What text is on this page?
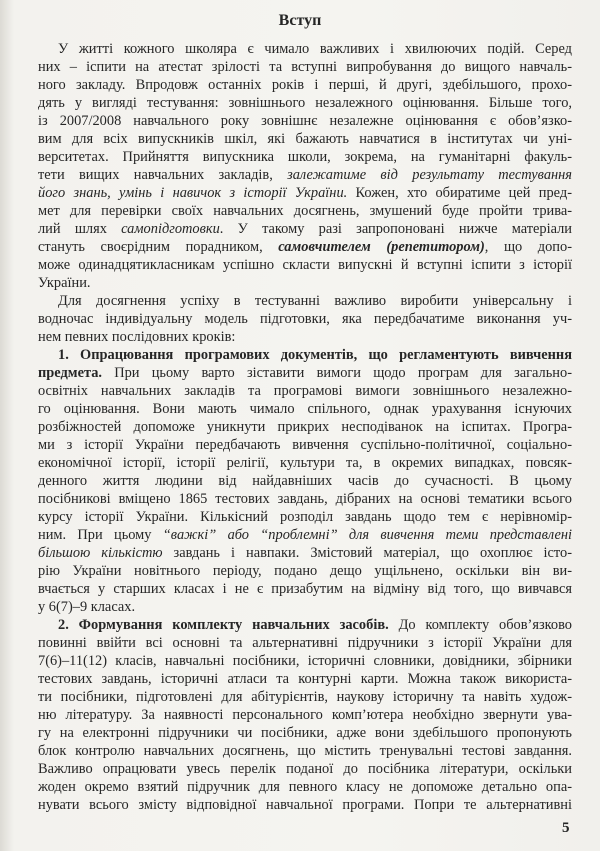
Вступ
У житті кожного школяра є чимало важливих і хвилюючих подій. Серед
них – іспити на атестат зрілості та вступні випробування до вищого навчаль-
ного закладу. Впродовж останніх років і перші, й другі, здебільшого, прохо-
дять у вигляді тестування: зовнішнього незалежного оцінювання. Більше того,
із 2007/2008 навчального року зовнішнє незалежне оцінювання є обов’язко-
вим для всіх випускників шкіл, які бажають навчатися в інститутах чи уні-
верситетах. Прийняття випускника школи, зокрема, на гуманітарні факуль-
тети вищих навчальних закладів, залежатиме від результату тестування
його знань, умінь і навичок з історії України. Кожен, хто обиратиме цей пред-
мет для перевірки своїх навчальних досягнень, змушений буде пройти трива-
лий шлях самопідготовки. У такому разі запропоновані нижче матеріали
стануть своєрідним порадником, самовчителем (репетитором), що допо-
може одинадцятикласникам успішно скласти випускні й вступні іспити з історії
України.
Для досягнення успіху в тестуванні важливо виробити універсальну і
водночас індивідуальну модель підготовки, яка передбачатиме виконання уч-
нем певних послідовних кроків:
1. Опрацювання програмових документів, що регламентують вивчення
предмета. При цьому варто зіставити вимоги щодо програм для загально-
освітніх навчальних закладів та програмові вимоги зовнішнього незалежно-
го оцінювання. Вони мають чимало спільного, однак урахування існуючих
розбіжностей допоможе уникнути прикрих несподіванок на іспитах. Програ-
ми з історії України передбачають вивчення суспільно-політичної, соціально-
економічної історії, історії релігії, культури та, в окремих випадках, повсяк-
денного життя людини від найдавніших часів до сучасності. В цьому
посібникові вміщено 1865 тестових завдань, дібраних на основі тематики всього
курсу історії України. Кількісний розподіл завдань щодо тем є нерівномір-
ним. При цьому “важкі” або “проблемні” для вивчення теми представлені
більшою кількістю завдань і навпаки. Змістовий матеріал, що охоплює істо-
рію України новітнього періоду, подано дещо ущільнено, оскільки він ви-
вчається у старших класах і не є призабутим на відміну від того, що вивчався
у 6(7)–9 класах.
2. Формування комплекту навчальних засобів. До комплекту обов’язково
повинні ввійти всі основні та альтернативні підручники з історії України для
7(6)–11(12) класів, навчальні посібники, історичні словники, довідники, збірники
тестових завдань, історичні атласи та контурні карти. Можна також використа-
ти посібники, підготовлені для абітурієнтів, наукову історичну та навіть худож-
ню літературу. За наявності персонального комп’ютера необхідно звернути ува-
гу на електронні підручники чи посібники, адже вони здебільшого пропонують
блок контролю навчальних досягнень, що містить тренувальні тестові завдання.
Важливо опрацювати увесь перелік поданої до посібника літератури, оскільки
жоден окремо взятий підручник для певного класу не допоможе детально опа-
нувати всього змісту відповідної навчальної програми. Попри те альтернативні
5
